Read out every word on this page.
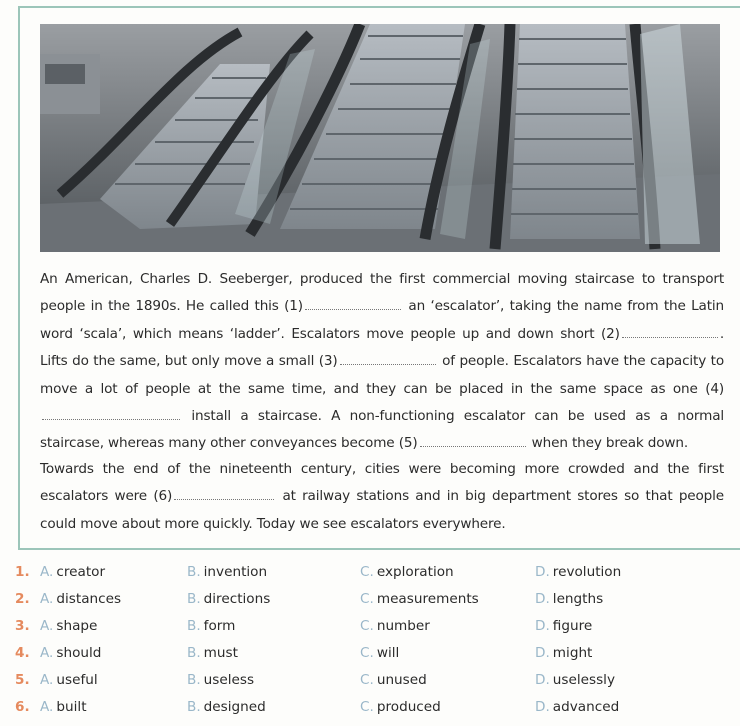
An American, Charles D. Seeberger, produced the first commercial moving staircase to transport people in the 1890s. He called this (1)	an ‘escalator’, taking the name from the Latin word ‘scala’, which means ‘ladder’. Escalators move people up and down short (2)	. Lifts do the same, but only move a small (3)	of people. Escalators have the capacity to move a lot of people at the same time, and they can be placed in the same space as one (4) install a staircase. A non-functioning escalator can be used as a normal staircase, whereas many other conveyances become (5)	when they break down.

Towards the end of the nineteenth century, cities were becoming more crowded and the first escalators were (6)	at railway stations and in big department stores so that people could move about more quickly. Today we see escalators everywhere.

1. A. creator	B. invention	C. exploration	D. revolution
2. A. distances	B. directions	C. measurements	D. lengths
3. A. shape	B. form	C. number	D. figure
4. A. should	B. must	C. will	D. might
5. A. useful	B. useless	C. unused	D. uselessly
6. A. built	B. designed	C. produced	D. advanced
